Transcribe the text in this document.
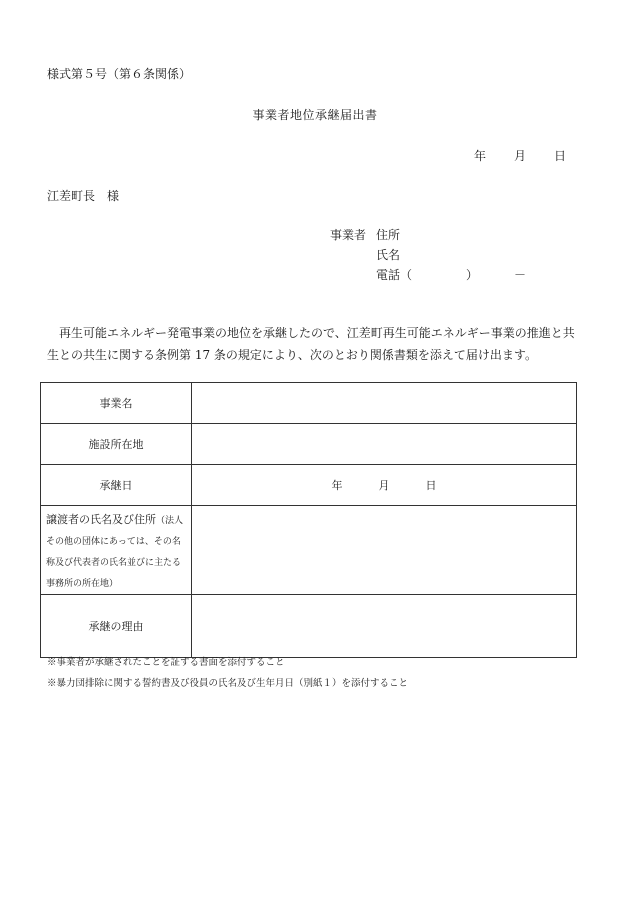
様式第５号（第６条関係）
事業者地位承継届出書
年 月 日
江差町長　様
事業者 住所
氏名
電話（	）	－
再生可能エネルギー発電事業の地位を承継したので、江差町再生可能エネルギー事業の推進と共生との共生に関する条例第 17 条の規定により、次のとおり関係書類を添えて届け出ます。
事業名	
施設所在地	
承継日	年 月 日
譲渡者の氏名及び住所（法人その他の団体にあっては、その名称及び代表者の氏名並びに主たる事務所の所在地）	
承継の理由	
※事業者が承継されたことを証する書面を添付すること
※暴力団排除に関する誓約書及び役員の氏名及び生年月日（別紙１）を添付すること
